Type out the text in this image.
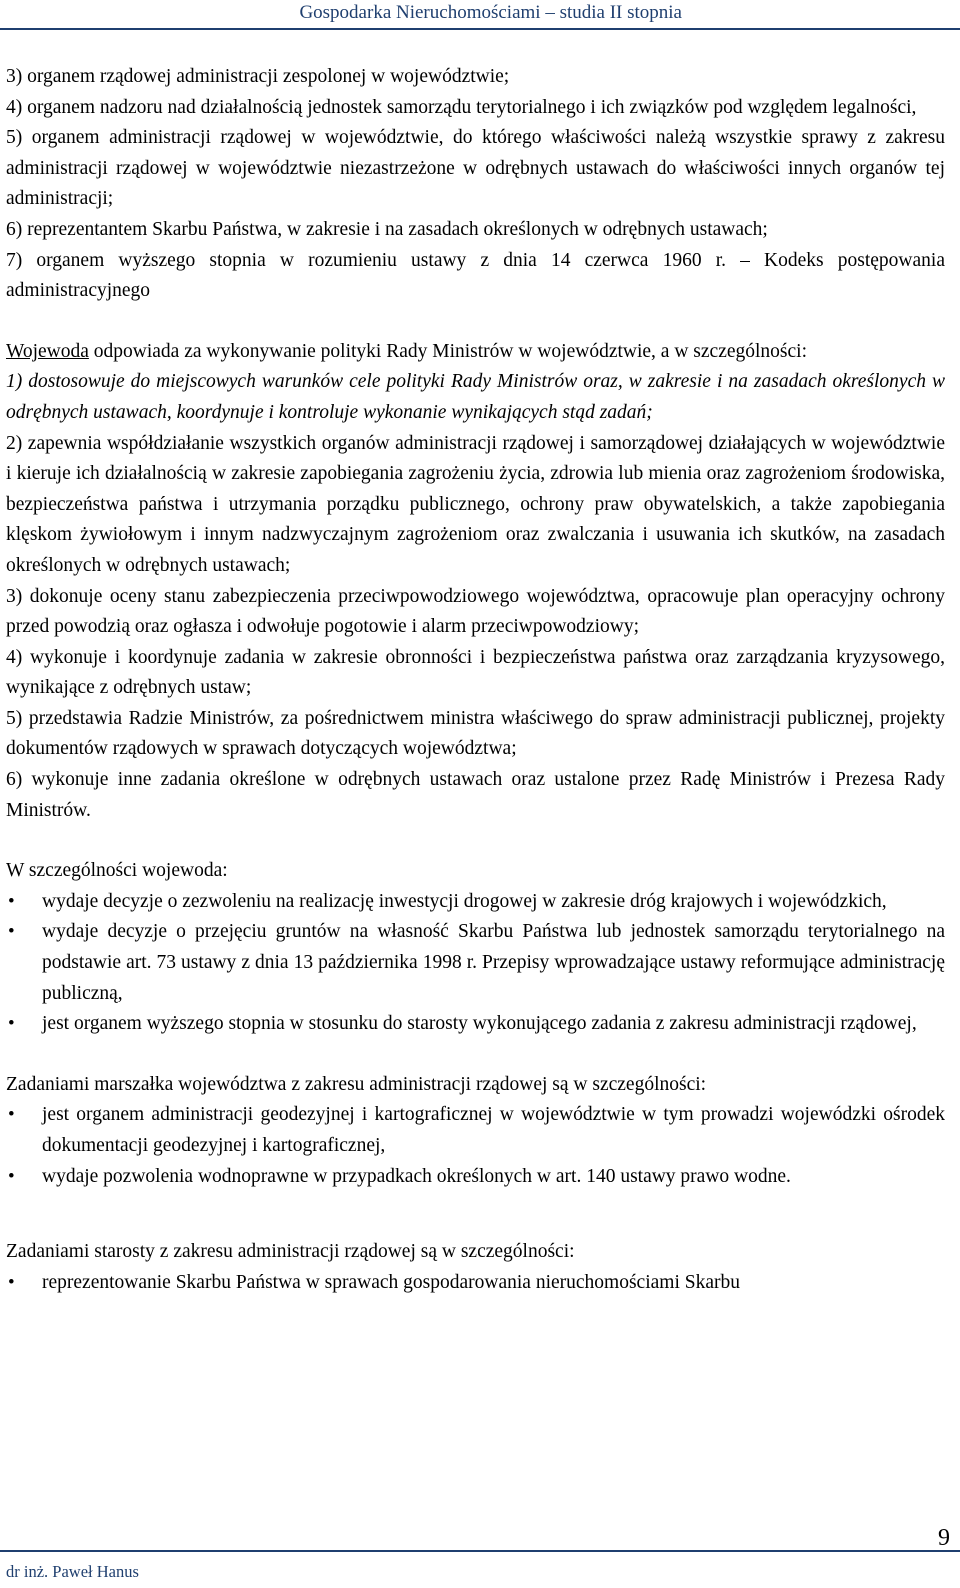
Gospodarka Nieruchomościami – studia II stopnia

3) organem rządowej administracji zespolonej w województwie;

4) organem nadzoru nad działalnością jednostek samorządu terytorialnego i ich związków pod względem legalności,

5) organem administracji rządowej w województwie, do którego właściwości należą wszystkie sprawy z zakresu administracji rządowej w województwie niezastrzeżone w odrębnych ustawach do właściwości innych organów tej administracji;

6) reprezentantem Skarbu Państwa, w zakresie i na zasadach określonych w odrębnych ustawach;

7) organem wyższego stopnia w rozumieniu ustawy z dnia 14 czerwca 1960 r. – Kodeks postępowania administracyjnego

Wojewoda odpowiada za wykonywanie polityki Rady Ministrów w województwie, a w szczególności:

1) dostosowuje do miejscowych warunków cele polityki Rady Ministrów oraz, w zakresie i na zasadach określonych w odrębnych ustawach, koordynuje i kontroluje wykonanie wynikających stąd zadań;

2) zapewnia współdziałanie wszystkich organów administracji rządowej i samorządowej działających w województwie i kieruje ich działalnością w zakresie zapobiegania zagrożeniu życia, zdrowia lub mienia oraz zagrożeniom środowiska, bezpieczeństwa państwa i utrzymania porządku publicznego, ochrony praw obywatelskich, a także zapobiegania klęskom żywiołowym i innym nadzwyczajnym zagrożeniom oraz zwalczania i usuwania ich skutków, na zasadach określonych w odrębnych ustawach;

3) dokonuje oceny stanu zabezpieczenia przeciwpowodziowego województwa, opracowuje plan operacyjny ochrony przed powodzią oraz ogłasza i odwołuje pogotowie i alarm przeciwpowodziowy;

4) wykonuje i koordynuje zadania w zakresie obronności i bezpieczeństwa państwa oraz zarządzania kryzysowego, wynikające z odrębnych ustaw;

5) przedstawia Radzie Ministrów, za pośrednictwem ministra właściwego do spraw administracji publicznej, projekty dokumentów rządowych w sprawach dotyczących województwa;

6) wykonuje inne zadania określone w odrębnych ustawach oraz ustalone przez Radę Ministrów i Prezesa Rady Ministrów.

W szczególności wojewoda:

• wydaje decyzje o zezwoleniu na realizację inwestycji drogowej w zakresie dróg krajowych i wojewódzkich,
• wydaje decyzje o przejęciu gruntów na własność Skarbu Państwa lub jednostek samorządu terytorialnego na podstawie art. 73 ustawy z dnia 13 października 1998 r. Przepisy wprowadzające ustawy reformujące administrację publiczną,
• jest organem wyższego stopnia w stosunku do starosty wykonującego zadania z zakresu administracji rządowej,

Zadaniami marszałka województwa z zakresu administracji rządowej są w szczególności:

• jest organem administracji geodezyjnej i kartograficznej w województwie w tym prowadzi wojewódzki ośrodek dokumentacji geodezyjnej i kartograficznej,
• wydaje pozwolenia wodnoprawne w przypadkach określonych w art. 140 ustawy prawo wodne.

Zadaniami starosty z zakresu administracji rządowej są w szczególności:

• reprezentowanie Skarbu Państwa w sprawach gospodarowania nieruchomościami Skarbu
9
dr inż. Paweł Hanus
